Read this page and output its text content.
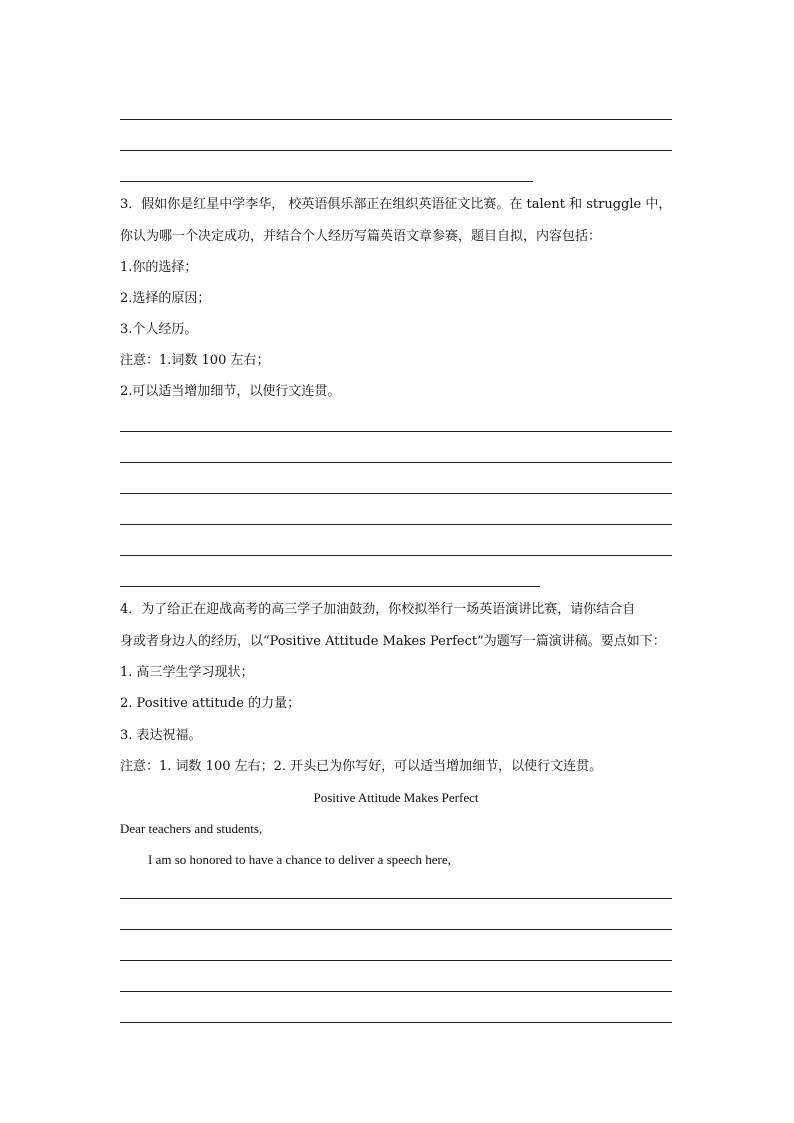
3．假如你是红星中学李华， 校英语俱乐部正在组织英语征文比赛。在 talent 和 struggle 中，

你认为哪一个决定成功，并结合个人经历写篇英语文章参赛，题目自拟，内容包括：

1.你的选择；

2.选择的原因；

3.个人经历。

注意：1.词数 100 左右；

2.可以适当增加细节，以使行文连贯。

4．为了给正在迎战高考的高三学子加油鼓劲，你校拟举行一场英语演讲比赛，请你结合自

身或者身边人的经历，以“Positive Attitude Makes Perfect”为题写一篇演讲稿。要点如下：

1. 高三学生学习现状；

2. Positive attitude 的力量；

3. 表达祝福。

注意：1. 词数 100 左右；2. 开头已为你写好，可以适当增加细节，以使行文连贯。

Positive Attitude Makes Perfect

Dear teachers and students,

I am so honored to have a chance to deliver a speech here,
